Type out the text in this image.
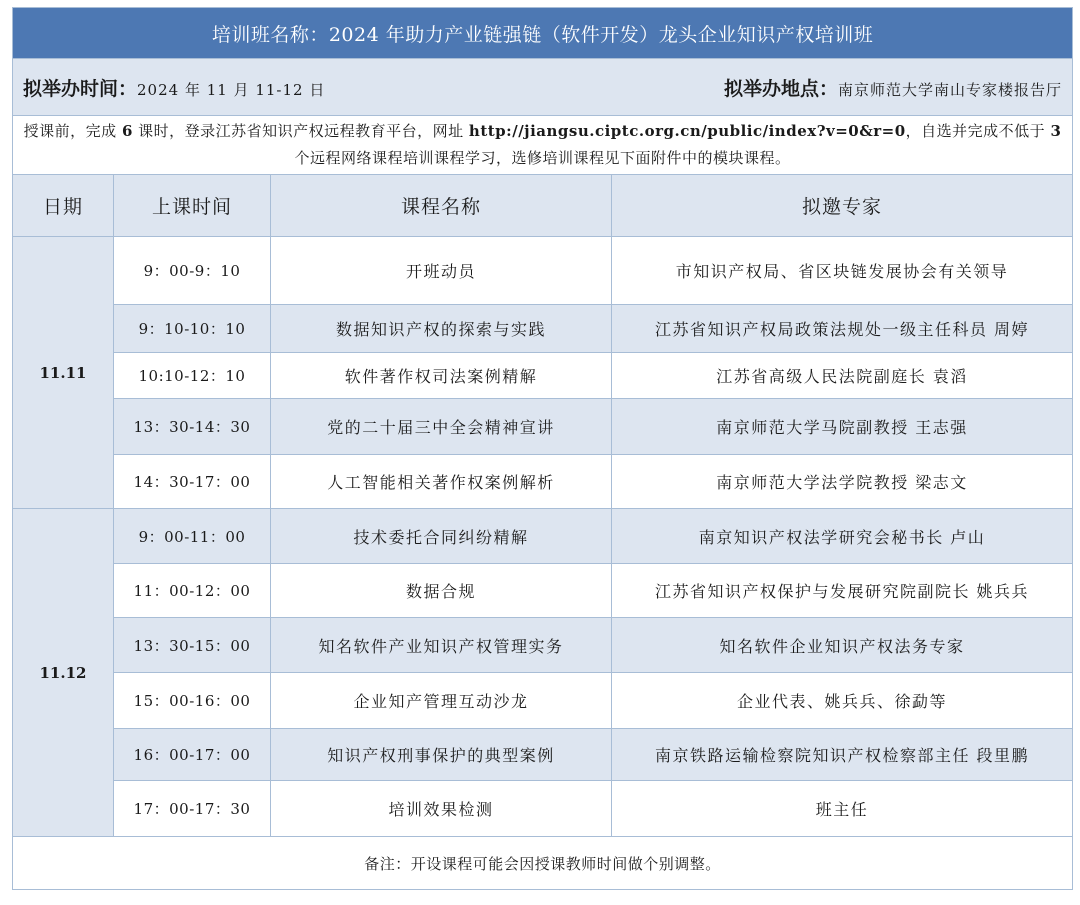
培训班名称：2024 年助力产业链强链（软件开发）龙头企业知识产权培训班			

拟举办时间：2024 年 11 月 11-12 日 拟举办地点：南京师范大学南山专家楼报告厅			

授课前，完成 6 课时，登录江苏省知识产权远程教育平台，网址 http://jiangsu.ciptc.org.cn/public/index?v=0&r=0，自选并完成不低于 3 个远程网络课程培训课程学习，选修培训课程见下面附件中的模块课程。			
日期	上课时间	课程名称	拟邀专家
11.11	9：00-9：10	开班动员	市知识产权局、省区块链发展协会有关领导
	9：10-10：10	数据知识产权的探索与实践	江苏省知识产权局政策法规处一级主任科员 周婷
	10:10-12：10	软件著作权司法案例精解	江苏省高级人民法院副庭长 袁滔
	13：30-14：30	党的二十届三中全会精神宣讲	南京师范大学马院副教授 王志强
	14：30-17：00	人工智能相关著作权案例解析	南京师范大学法学院教授 梁志文
11.12	9：00-11：00	技术委托合同纠纷精解	南京知识产权法学研究会秘书长 卢山
	11：00-12：00	数据合规	江苏省知识产权保护与发展研究院副院长 姚兵兵
	13：30-15：00	知名软件产业知识产权管理实务	知名软件企业知识产权法务专家
	15：00-16：00	企业知产管理互动沙龙	企业代表、姚兵兵、徐勐等
	16：00-17：00	知识产权刑事保护的典型案例	南京铁路运输检察院知识产权检察部主任 段里鹏
	17：00-17：30	培训效果检测	班主任
备注：开设课程可能会因授课教师时间做个别调整。			
